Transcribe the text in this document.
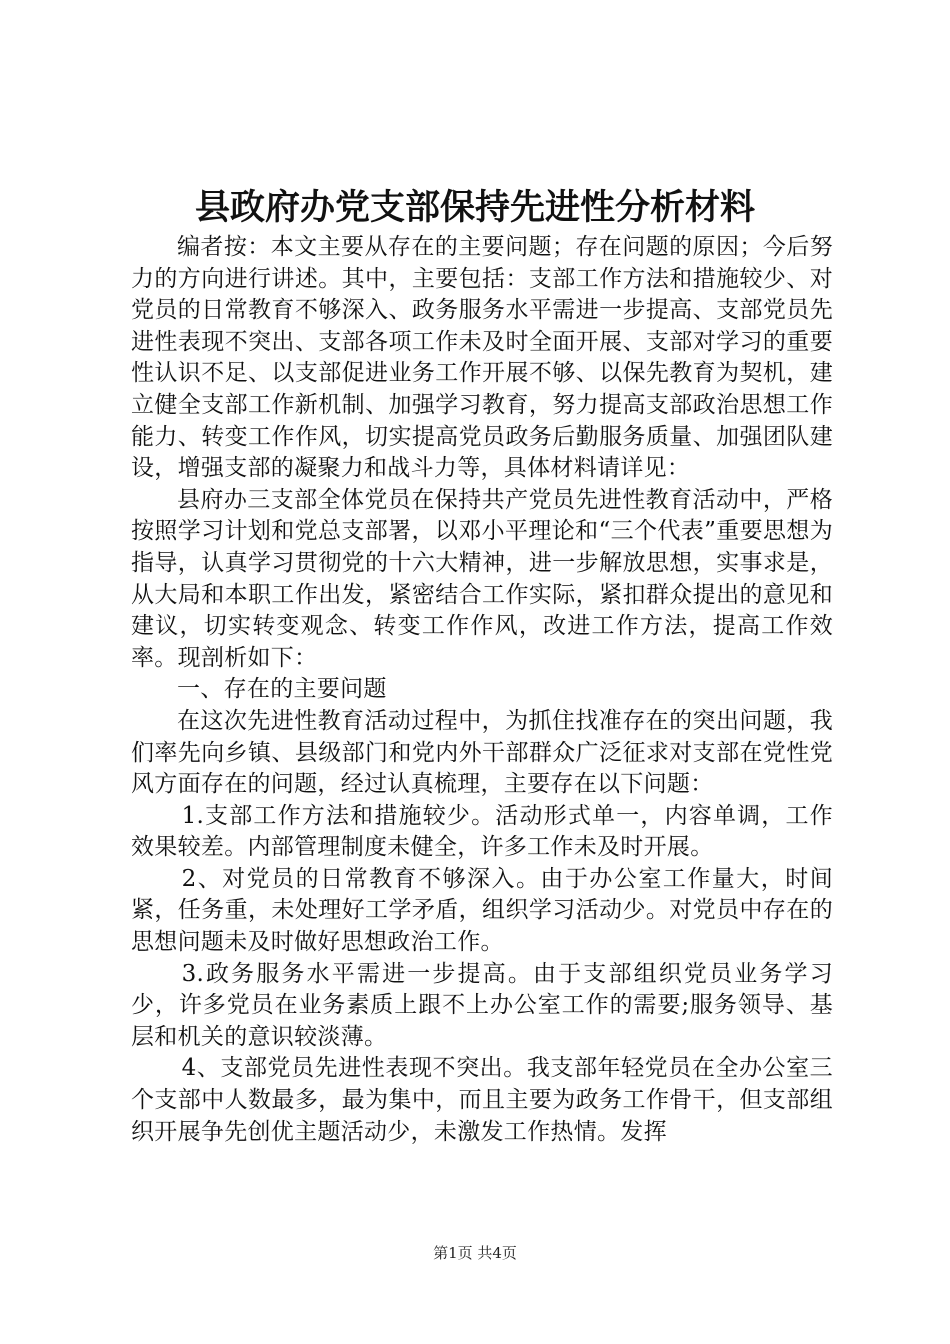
县政府办党支部保持先进性分析材料

编者按：本文主要从存在的主要问题；存在问题的原因；今后努力的方向进行讲述。其中，主要包括：支部工作方法和措施较少、对党员的日常教育不够深入、政务服务水平需进一步提高、支部党员先进性表现不突出、支部各项工作未及时全面开展、支部对学习的重要性认识不足、以支部促进业务工作开展不够、以保先教育为契机，建立健全支部工作新机制、加强学习教育，努力提高支部政治思想工作能力、转变工作作风，切实提高党员政务后勤服务质量、加强团队建设，增强支部的凝聚力和战斗力等，具体材料请详见：

县府办三支部全体党员在保持共产党员先进性教育活动中，严格按照学习计划和党总支部署，以邓小平理论和“三个代表”重要思想为指导，认真学习贯彻党的十六大精神，进一步解放思想，实事求是，从大局和本职工作出发，紧密结合工作实际，紧扣群众提出的意见和建议，切实转变观念、转变工作作风，改进工作方法，提高工作效率。现剖析如下：

一、存在的主要问题

在这次先进性教育活动过程中，为抓住找准存在的突出问题，我们率先向乡镇、县级部门和党内外干部群众广泛征求对支部在党性党风方面存在的问题，经过认真梳理，主要存在以下问题：

1.支部工作方法和措施较少。活动形式单一，内容单调，工作效果较差。内部管理制度未健全，许多工作未及时开展。

2、对党员的日常教育不够深入。由于办公室工作量大，时间紧，任务重，未处理好工学矛盾，组织学习活动少。对党员中存在的思想问题未及时做好思想政治工作。

3.政务服务水平需进一步提高。由于支部组织党员业务学习少，许多党员在业务素质上跟不上办公室工作的需要;服务领导、基层和机关的意识较淡薄。

4、支部党员先进性表现不突出。我支部年轻党员在全办公室三个支部中人数最多，最为集中，而且主要为政务工作骨干，但支部组织开展争先创优主题活动少，未激发工作热情。发挥

第1页 共4页
